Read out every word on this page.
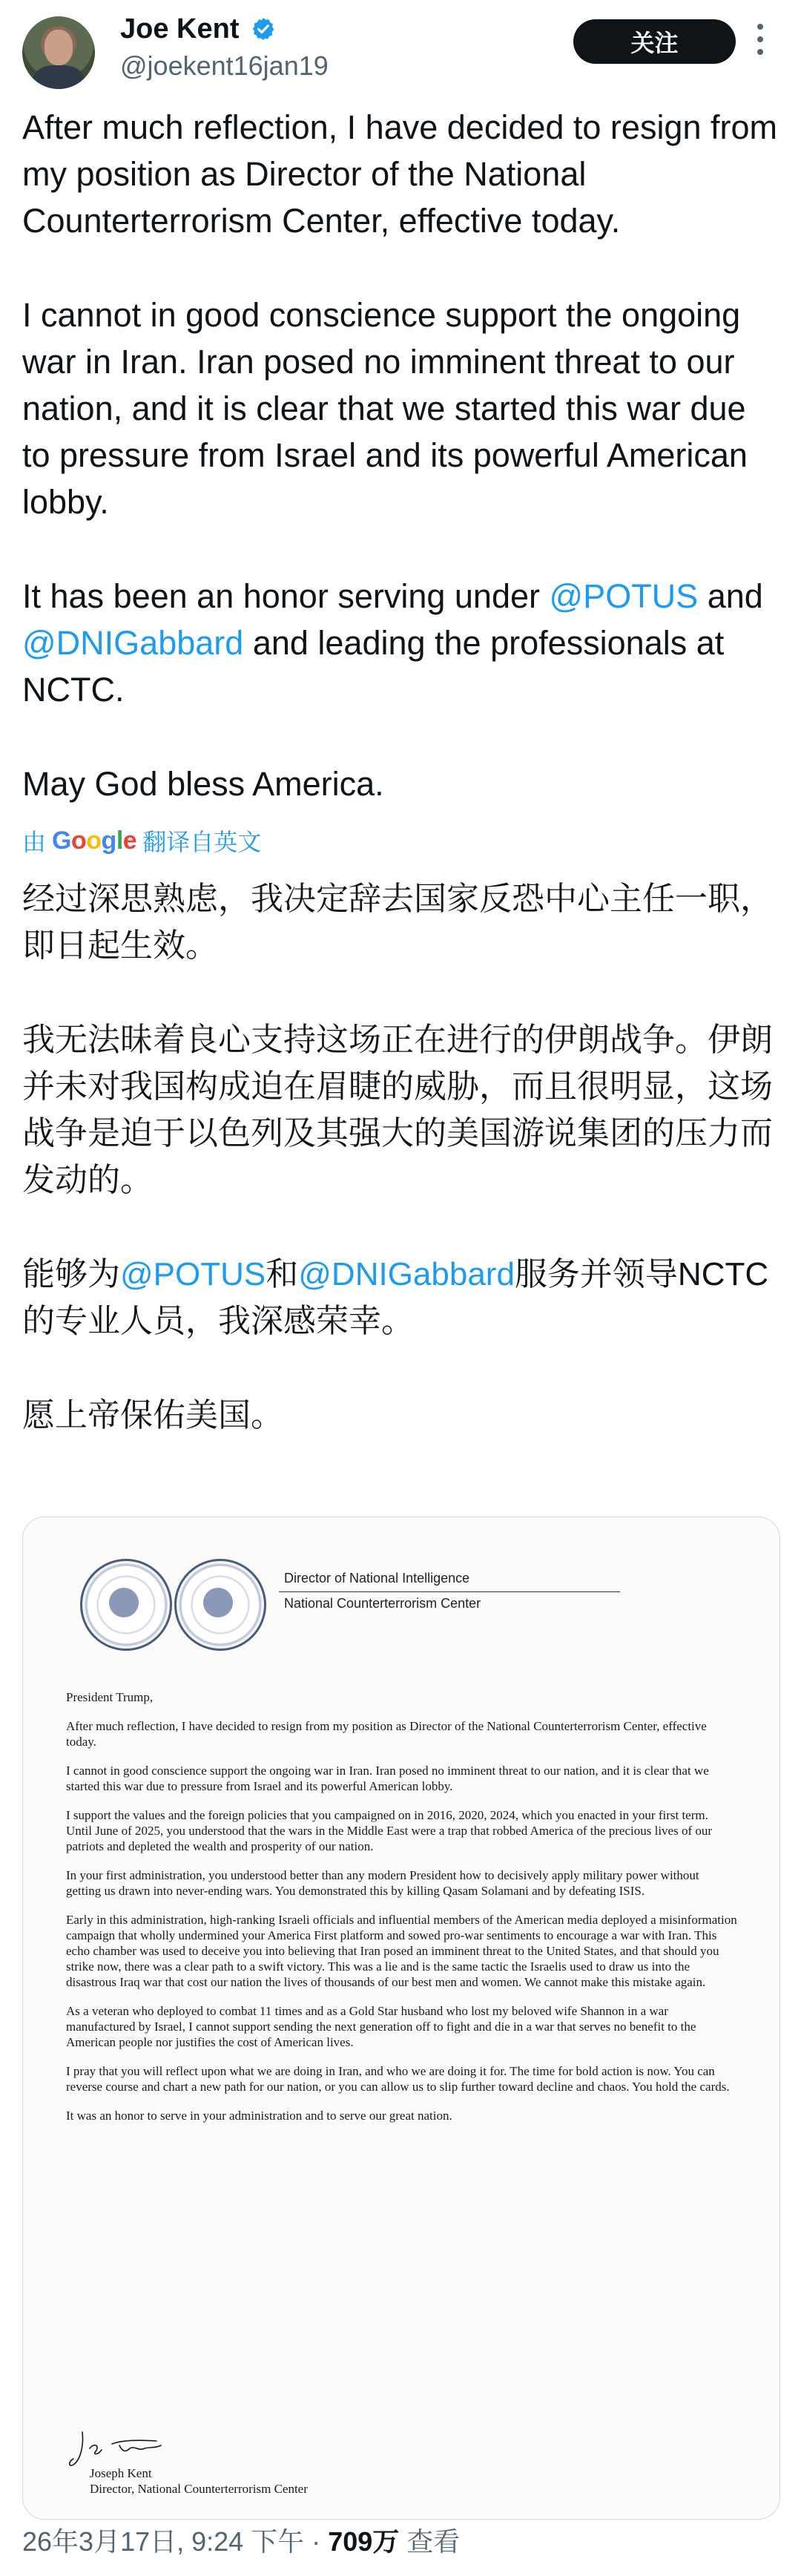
Joe Kent
@joekent16jan19
关注

After much reflection, I have decided to resign from my position as Director of the National Counterterrorism Center, effective today.

I cannot in good conscience support the ongoing war in Iran. Iran posed no imminent threat to our nation, and it is clear that we started this war due to pressure from Israel and its powerful American lobby.

It has been an honor serving under @POTUS and @DNIGabbard and leading the professionals at NCTC.

May God bless America.

由 Google 翻译自英文

经过深思熟虑，我决定辞去国家反恐中心主任一职，即日起生效。

我无法昧着良心支持这场正在进行的伊朗战争。伊朗并未对我国构成迫在眉睫的威胁，而且很明显，这场战争是迫于以色列及其强大的美国游说集团的压力而发动的。

能够为@POTUS和@DNIGabbard服务并领导NCTC 的专业人员，我深感荣幸。

愿上帝保佑美国。

Director of National Intelligence
National Counterterrorism Center

President Trump,

After much reflection, I have decided to resign from my position as Director of the National Counterterrorism Center, effective today.

I cannot in good conscience support the ongoing war in Iran. Iran posed no imminent threat to our nation, and it is clear that we started this war due to pressure from Israel and its powerful American lobby.

I support the values and the foreign policies that you campaigned on in 2016, 2020, 2024, which you enacted in your first term. Until June of 2025, you understood that the wars in the Middle East were a trap that robbed America of the precious lives of our patriots and depleted the wealth and prosperity of our nation.

In your first administration, you understood better than any modern President how to decisively apply military power without getting us drawn into never-ending wars. You demonstrated this by killing Qasam Solamani and by defeating ISIS.

Early in this administration, high-ranking Israeli officials and influential members of the American media deployed a misinformation campaign that wholly undermined your America First platform and sowed pro-war sentiments to encourage a war with Iran. This echo chamber was used to deceive you into believing that Iran posed an imminent threat to the United States, and that should you strike now, there was a clear path to a swift victory. This was a lie and is the same tactic the Israelis used to draw us into the disastrous Iraq war that cost our nation the lives of thousands of our best men and women. We cannot make this mistake again.

As a veteran who deployed to combat 11 times and as a Gold Star husband who lost my beloved wife Shannon in a war manufactured by Israel, I cannot support sending the next generation off to fight and die in a war that serves no benefit to the American people nor justifies the cost of American lives.

I pray that you will reflect upon what we are doing in Iran, and who we are doing it for. The time for bold action is now. You can reverse course and chart a new path for our nation, or you can allow us to slip further toward decline and chaos. You hold the cards.

It was an honor to serve in your administration and to serve our great nation.

Joseph Kent
Director, National Counterterrorism Center
26年3月17日, 9:24 下午 · 709万 查看
